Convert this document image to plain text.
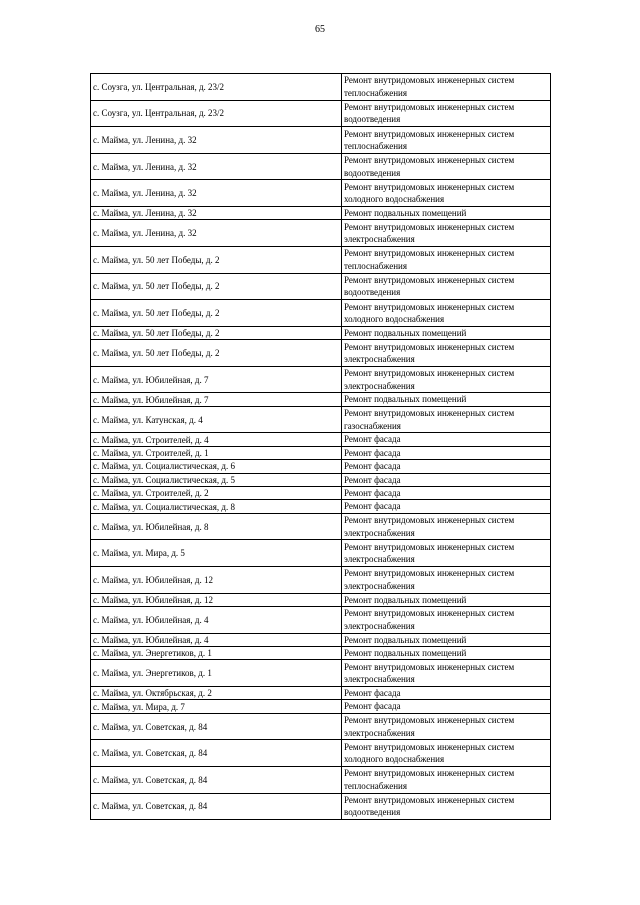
65
с. Соузга, ул. Центральная, д. 23/2	Ремонт внутридомовых инженерных систем теплоснабжения
с. Соузга, ул. Центральная, д. 23/2	Ремонт внутридомовых инженерных систем водоотведения
с. Майма, ул. Ленина, д. 32	Ремонт внутридомовых инженерных систем теплоснабжения
с. Майма, ул. Ленина, д. 32	Ремонт внутридомовых инженерных систем водоотведения
с. Майма, ул. Ленина, д. 32	Ремонт внутридомовых инженерных систем холодного водоснабжения
с. Майма, ул. Ленина, д. 32	Ремонт подвальных помещений
с. Майма, ул. Ленина, д. 32	Ремонт внутридомовых инженерных систем электроснабжения
с. Майма, ул. 50 лет Победы, д. 2	Ремонт внутридомовых инженерных систем теплоснабжения
с. Майма, ул. 50 лет Победы, д. 2	Ремонт внутридомовых инженерных систем водоотведения
с. Майма, ул. 50 лет Победы, д. 2	Ремонт внутридомовых инженерных систем холодного водоснабжения
с. Майма, ул. 50 лет Победы, д. 2	Ремонт подвальных помещений
с. Майма, ул. 50 лет Победы, д. 2	Ремонт внутридомовых инженерных систем электроснабжения
с. Майма, ул. Юбилейная, д. 7	Ремонт внутридомовых инженерных систем электроснабжения
с. Майма, ул. Юбилейная, д. 7	Ремонт подвальных помещений
с. Майма, ул. Катунская, д. 4	Ремонт внутридомовых инженерных систем газоснабжения
с. Майма, ул. Строителей, д. 4	Ремонт фасада
с. Майма, ул. Строителей, д. 1	Ремонт фасада
с. Майма, ул. Социалистическая, д. 6	Ремонт фасада
с. Майма, ул. Социалистическая, д. 5	Ремонт фасада
с. Майма, ул. Строителей, д. 2	Ремонт фасада
с. Майма, ул. Социалистическая, д. 8	Ремонт фасада
с. Майма, ул. Юбилейная, д. 8	Ремонт внутридомовых инженерных систем электроснабжения
с. Майма, ул. Мира, д. 5	Ремонт внутридомовых инженерных систем электроснабжения
с. Майма, ул. Юбилейная, д. 12	Ремонт внутридомовых инженерных систем электроснабжения
с. Майма, ул. Юбилейная, д. 12	Ремонт подвальных помещений
с. Майма, ул. Юбилейная, д. 4	Ремонт внутридомовых инженерных систем электроснабжения
с. Майма, ул. Юбилейная, д. 4	Ремонт подвальных помещений
с. Майма, ул. Энергетиков, д. 1	Ремонт подвальных помещений
с. Майма, ул. Энергетиков, д. 1	Ремонт внутридомовых инженерных систем электроснабжения
с. Майма, ул. Октябрьская, д. 2	Ремонт фасада
с. Майма, ул. Мира, д. 7	Ремонт фасада
с. Майма, ул. Советская, д. 84	Ремонт внутридомовых инженерных систем электроснабжения
с. Майма, ул. Советская, д. 84	Ремонт внутридомовых инженерных систем холодного водоснабжения
с. Майма, ул. Советская, д. 84	Ремонт внутридомовых инженерных систем теплоснабжения
с. Майма, ул. Советская, д. 84	Ремонт внутридомовых инженерных систем водоотведения
